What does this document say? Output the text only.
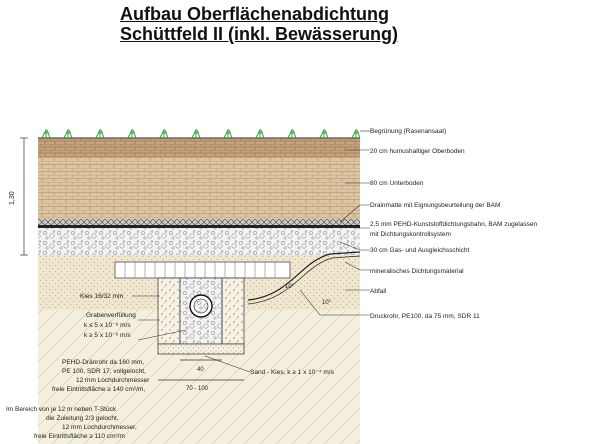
Aufbau Oberflächenabdichtung
Schüttfeld II (inkl. Bewässerung)
1,30
40
70 - 100
10°
10°
Begrünung (Rasenansaat)
20 cm humushaltiger Oberboden
80 cm Unterboden
Drainmatte mit Eignungsbeurteilung der BAM
2,5 mm PEHD-Kunststoffdichtungsbahn, BAM zugelassen
mit Dichtungskontrollsystem
30 cm Gas- und Ausgleichsschicht
mineralisches Dichtungsmaterial
Abfall
Druckrohr, PE100, da 75 mm, SDR 11
Kies 16/32 mm
Grabenverfüllung
k ≤ 5 x 10⁻⁸ m/s
k ≥ 5 x 10⁻⁶ m/s
Sand - Kies, k ≥ 1 x 10⁻⁴ m/s
PEHD-Dränrohr da 160 mm,
PE 100, SDR 17, vollgelocht,
12 mm Lochdurchmesser
freie Eintrittsfläche ≥ 140 cm²/m,
Im Bereich von je 12 m neben T-Stück
die Zuleitung 2/3 gelocht,
12 mm Lochdurchmesser,
freie Eintrittsfläche ≥ 110 cm²/m
